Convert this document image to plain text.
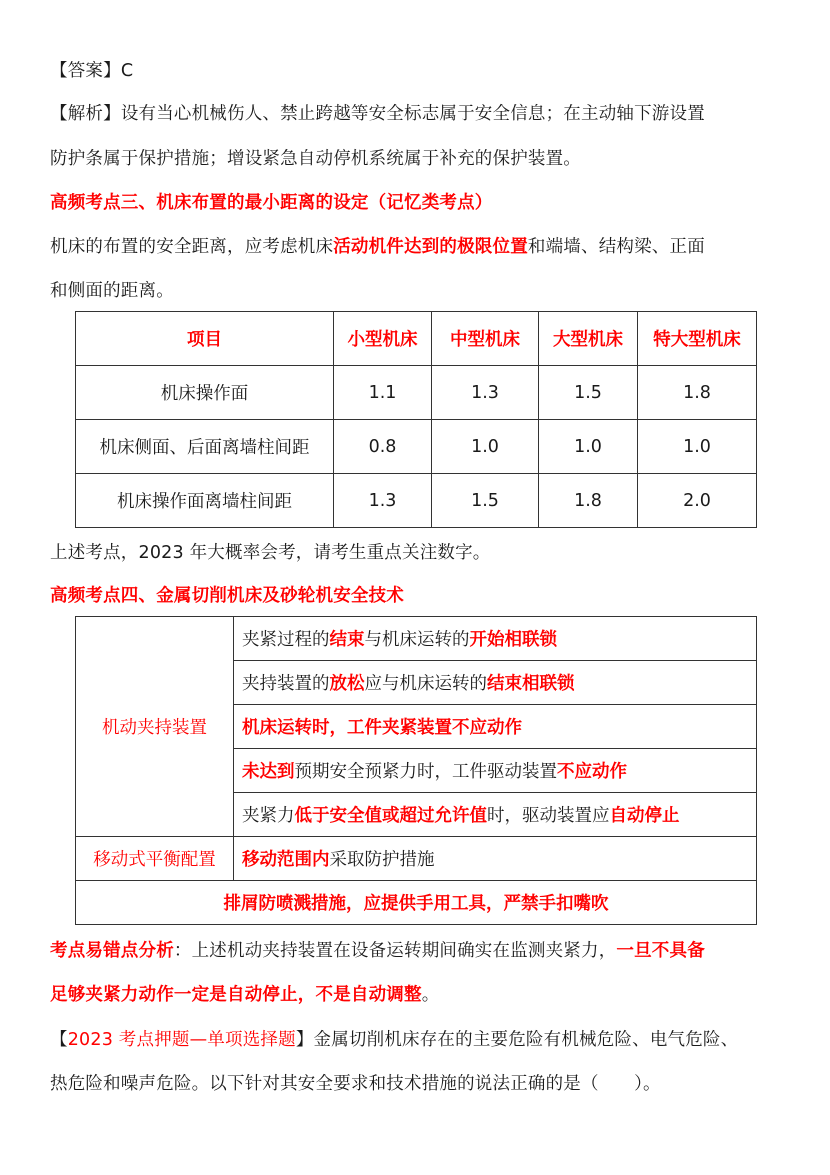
【答案】C
【解析】设有当心机械伤人、禁止跨越等安全标志属于安全信息；在主动轴下游设置
防护条属于保护措施；增设紧急自动停机系统属于补充的保护装置。
高频考点三、机床布置的最小距离的设定（记忆类考点）
机床的布置的安全距离，应考虑机床活动机件达到的极限位置和端墙、结构梁、正面
和侧面的距离。
项目	小型机床	中型机床	大型机床	特大型机床
机床操作面	1.1	1.3	1.5	1.8
机床侧面、后面离墙柱间距	0.8	1.0	1.0	1.0
机床操作面离墙柱间距	1.3	1.5	1.8	2.0
上述考点，2023 年大概率会考，请考生重点关注数字。
高频考点四、金属切削机床及砂轮机安全技术
机动夹持装置	夹紧过程的结束与机床运转的开始相联锁
	夹持装置的放松应与机床运转的结束相联锁
	机床运转时，工件夹紧装置不应动作
	未达到预期安全预紧力时，工件驱动装置不应动作
	夹紧力低于安全值或超过允许值时，驱动装置应自动停止
移动式平衡配置	移动范围内采取防护措施
排屑防喷溅措施，应提供手用工具，严禁手扣嘴吹	
考点易错点分析：上述机动夹持装置在设备运转期间确实在监测夹紧力，一旦不具备
足够夹紧力动作一定是自动停止，不是自动调整。
【2023 考点押题—单项选择题】金属切削机床存在的主要危险有机械危险、电气危险、
热危险和噪声危险。以下针对其安全要求和技术措施的说法正确的是（　　）。
